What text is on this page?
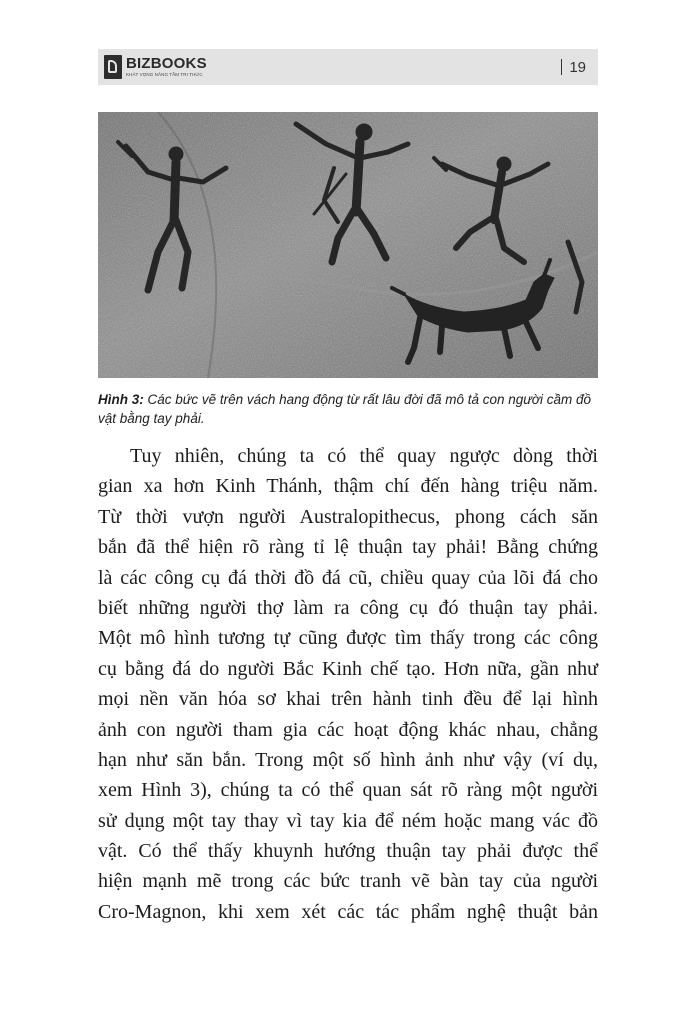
BIZBOOKS
KHÁT VỌNG NÂNG TẦM TRI THỨC	19
Hình 3: Các bức vẽ trên vách hang động từ rất lâu đời đã mô tả con người cầm đồ vật bằng tay phải.
Tuy nhiên, chúng ta có thể quay ngược dòng thời
gian xa hơn Kinh Thánh, thậm chí đến hàng triệu năm.
Từ thời vượn người Australopithecus, phong cách săn
bắn đã thể hiện rõ ràng tỉ lệ thuận tay phải! Bằng chứng
là các công cụ đá thời đồ đá cũ, chiều quay của lõi đá cho
biết những người thợ làm ra công cụ đó thuận tay phải.
Một mô hình tương tự cũng được tìm thấy trong các công
cụ bằng đá do người Bắc Kinh chế tạo. Hơn nữa, gần như
mọi nền văn hóa sơ khai trên hành tinh đều để lại hình
ảnh con người tham gia các hoạt động khác nhau, chẳng
hạn như săn bắn. Trong một số hình ảnh như vậy (ví dụ,
xem Hình 3), chúng ta có thể quan sát rõ ràng một người
sử dụng một tay thay vì tay kia để ném hoặc mang vác đồ
vật. Có thể thấy khuynh hướng thuận tay phải được thể
hiện mạnh mẽ trong các bức tranh vẽ bàn tay của người
Cro-Magnon, khi xem xét các tác phẩm nghệ thuật bản
